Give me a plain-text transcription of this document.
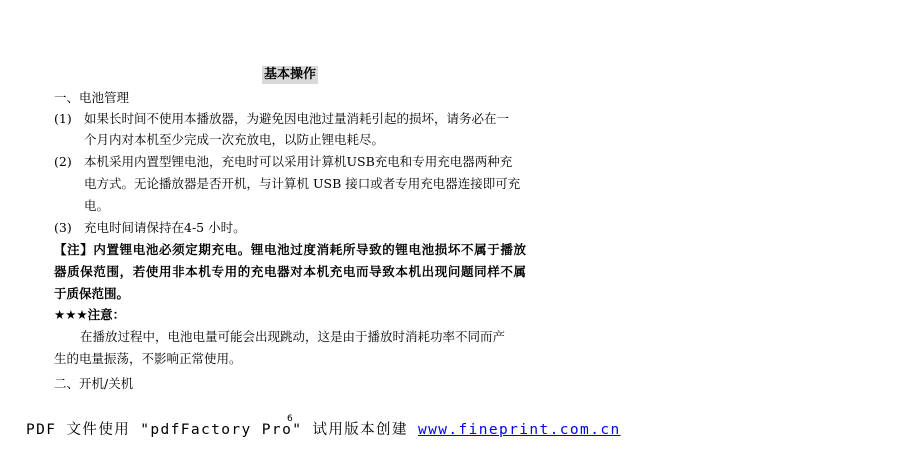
基本操作
一、电池管理
(1) 如果长时间不使用本播放器，为避免因电池过量消耗引起的损坏，请务必在一
个月内对本机至少完成一次充放电，以防止锂电耗尽。
(2) 本机采用内置型锂电池，充电时可以采用计算机USB充电和专用充电器两种充
电方式。无论播放器是否开机，与计算机 USB 接口或者专用充电器连接即可充
电。
(3) 充电时间请保持在4-5 小时。
【注】内置锂电池必须定期充电。锂电池过度消耗所导致的锂电池损坏不属于播放
器质保范围，若使用非本机专用的充电器对本机充电而导致本机出现问题同样不属
于质保范围。
★★★注意：
在播放过程中，电池电量可能会出现跳动，这是由于播放时消耗功率不同而产
生的电量振荡，不影响正常使用。
二、开机/关机
6
PDF 文件使用 "pdfFactory Pro" 试用版本创建 www.fineprint.com.cn
